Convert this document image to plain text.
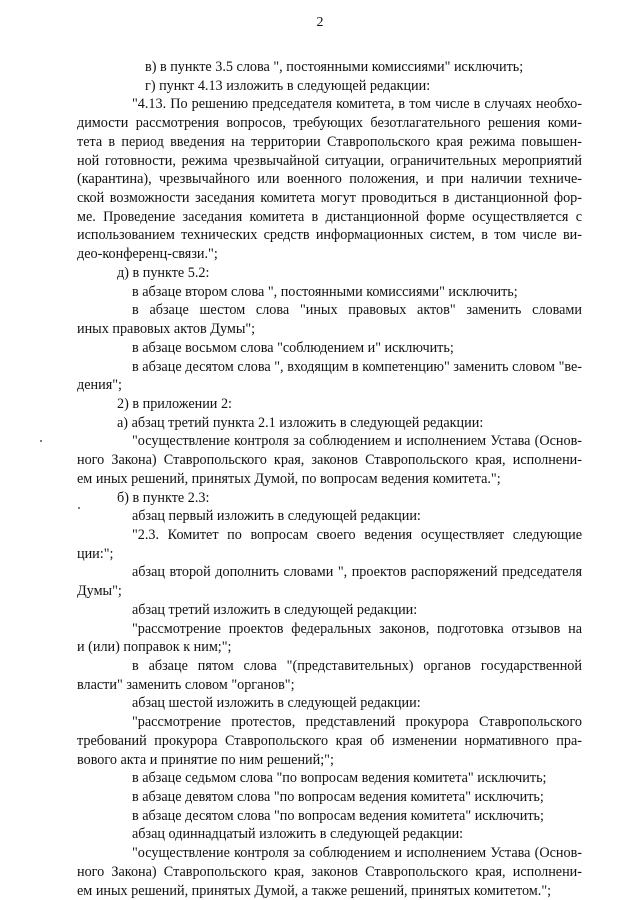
2
в) в пункте 3.5 слова ", постоянными комиссиями" исключить;
г) пункт 4.13 изложить в следующей редакции:
"4.13. По решению председателя комитета, в том числе в случаях необхо-
димости рассмотрения вопросов, требующих безотлагательного решения коми-
тета в период введения на территории Ставропольского края режима повышен-
ной готовности, режима чрезвычайной ситуации, ограничительных мероприятий
(карантина), чрезвычайного или военного положения, и при наличии техниче-
ской возможности заседания комитета могут проводиться в дистанционной фор-
ме. Проведение заседания комитета в дистанционной форме осуществляется с
использованием технических средств информационных систем, в том числе ви-
део-конференц-связи.";
д) в пункте 5.2:
в абзаце втором слова ", постоянными комиссиями" исключить;
в абзаце шестом слова "иных правовых актов" заменить словами
иных правовых актов Думы";
в абзаце восьмом слова "соблюдением и" исключить;
в абзаце десятом слова ", входящим в компетенцию" заменить словом "ве-
дения";
2) в приложении 2:
а) абзац третий пункта 2.1 изложить в следующей редакции:
"осуществление контроля за соблюдением и исполнением Устава (Основ-
ного Закона) Ставропольского края, законов Ставропольского края, исполнени-
ем иных решений, принятых Думой, по вопросам ведения комитета.";
б) в пункте 2.3:
абзац первый изложить в следующей редакции:
"2.3. Комитет по вопросам своего ведения осуществляет следующие
ции:";
абзац второй дополнить словами ", проектов распоряжений председателя
Думы";
абзац третий изложить в следующей редакции:
"рассмотрение проектов федеральных законов, подготовка отзывов на
и (или) поправок к ним;";
в абзаце пятом слова "(представительных) органов государственной власти" заменить словом "органов";
абзац шестой изложить в следующей редакции:
"рассмотрение протестов, представлений прокурора Ставропольского
требований прокурора Ставропольского края об изменении нормативного пра-
вового акта и принятие по ним решений;";
в абзаце седьмом слова "по вопросам ведения комитета" исключить;
в абзаце девятом слова "по вопросам ведения комитета" исключить;
в абзаце десятом слова "по вопросам ведения комитета" исключить;
абзац одиннадцатый изложить в следующей редакции:
"осуществление контроля за соблюдением и исполнением Устава (Основ-
ного Закона) Ставропольского края, законов Ставропольского края, исполнени-
ем иных решений, принятых Думой, а также решений, принятых комитетом.";
